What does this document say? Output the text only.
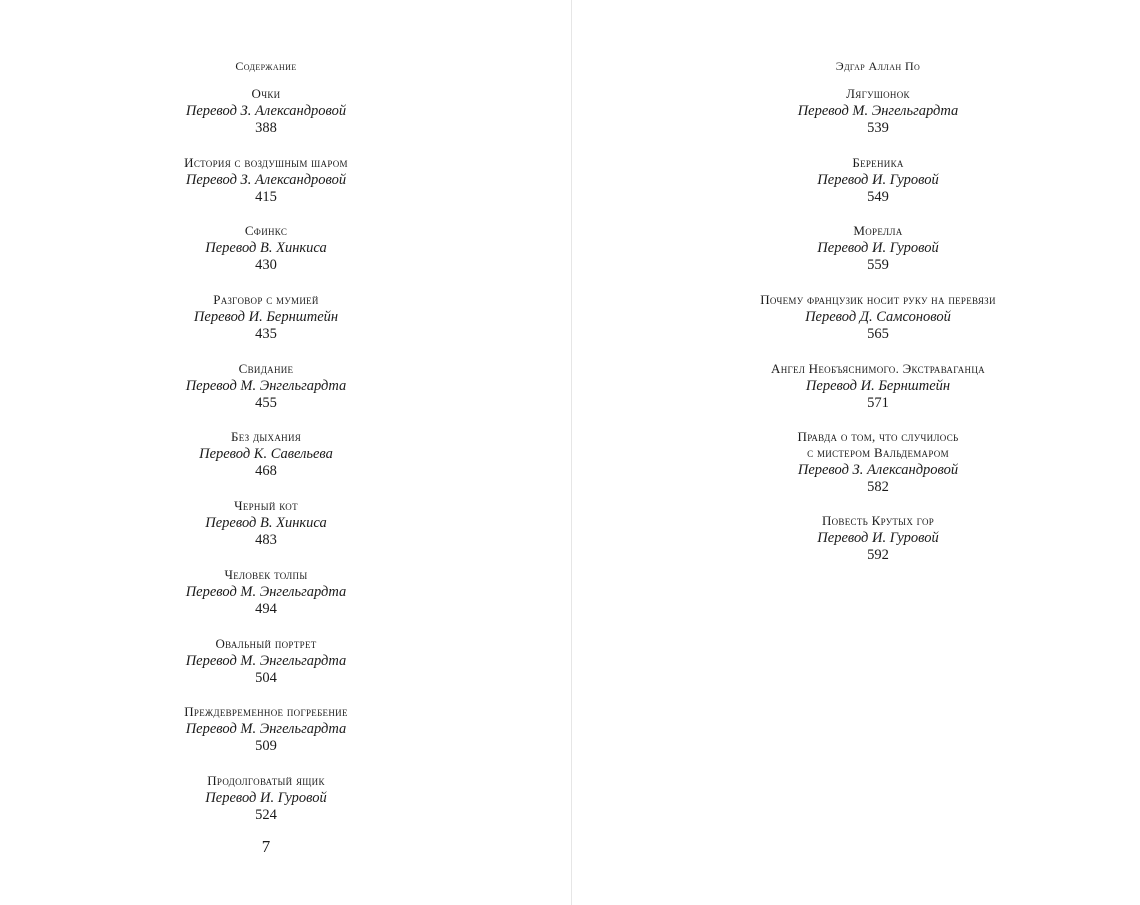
Содержание

Очки

Перевод З. Александровой

388

История с воздушным шаром

Перевод З. Александровой

415

Сфинкс

Перевод В. Хинкиса

430

Разговор с мумией

Перевод И. Бернштейн

435

Свидание

Перевод М. Энгельгардта

455

Без дыхания

Перевод К. Савельева

468

Черный кот

Перевод В. Хинкиса

483

Человек толпы

Перевод М. Энгельгардта

494

Овальный портрет

Перевод М. Энгельгардта

504

Преждевременное погребение

Перевод М. Энгельгардта

509

Продолговатый ящик

Перевод И. Гуровой

524

7
Эдгар Аллан По

Лягушонок

Перевод М. Энгельгардта

539

Береника

Перевод И. Гуровой

549

Морелла

Перевод И. Гуровой

559

Почему французик носит руку на перевязи

Перевод Д. Самсоновой

565

Ангел Необъяснимого. Экстраваганца

Перевод И. Бернштейн

571

Правда о том, что случилось
с мистером Вальдемаром

Перевод З. Александровой

582

Повесть Крутых гор

Перевод И. Гуровой

592
